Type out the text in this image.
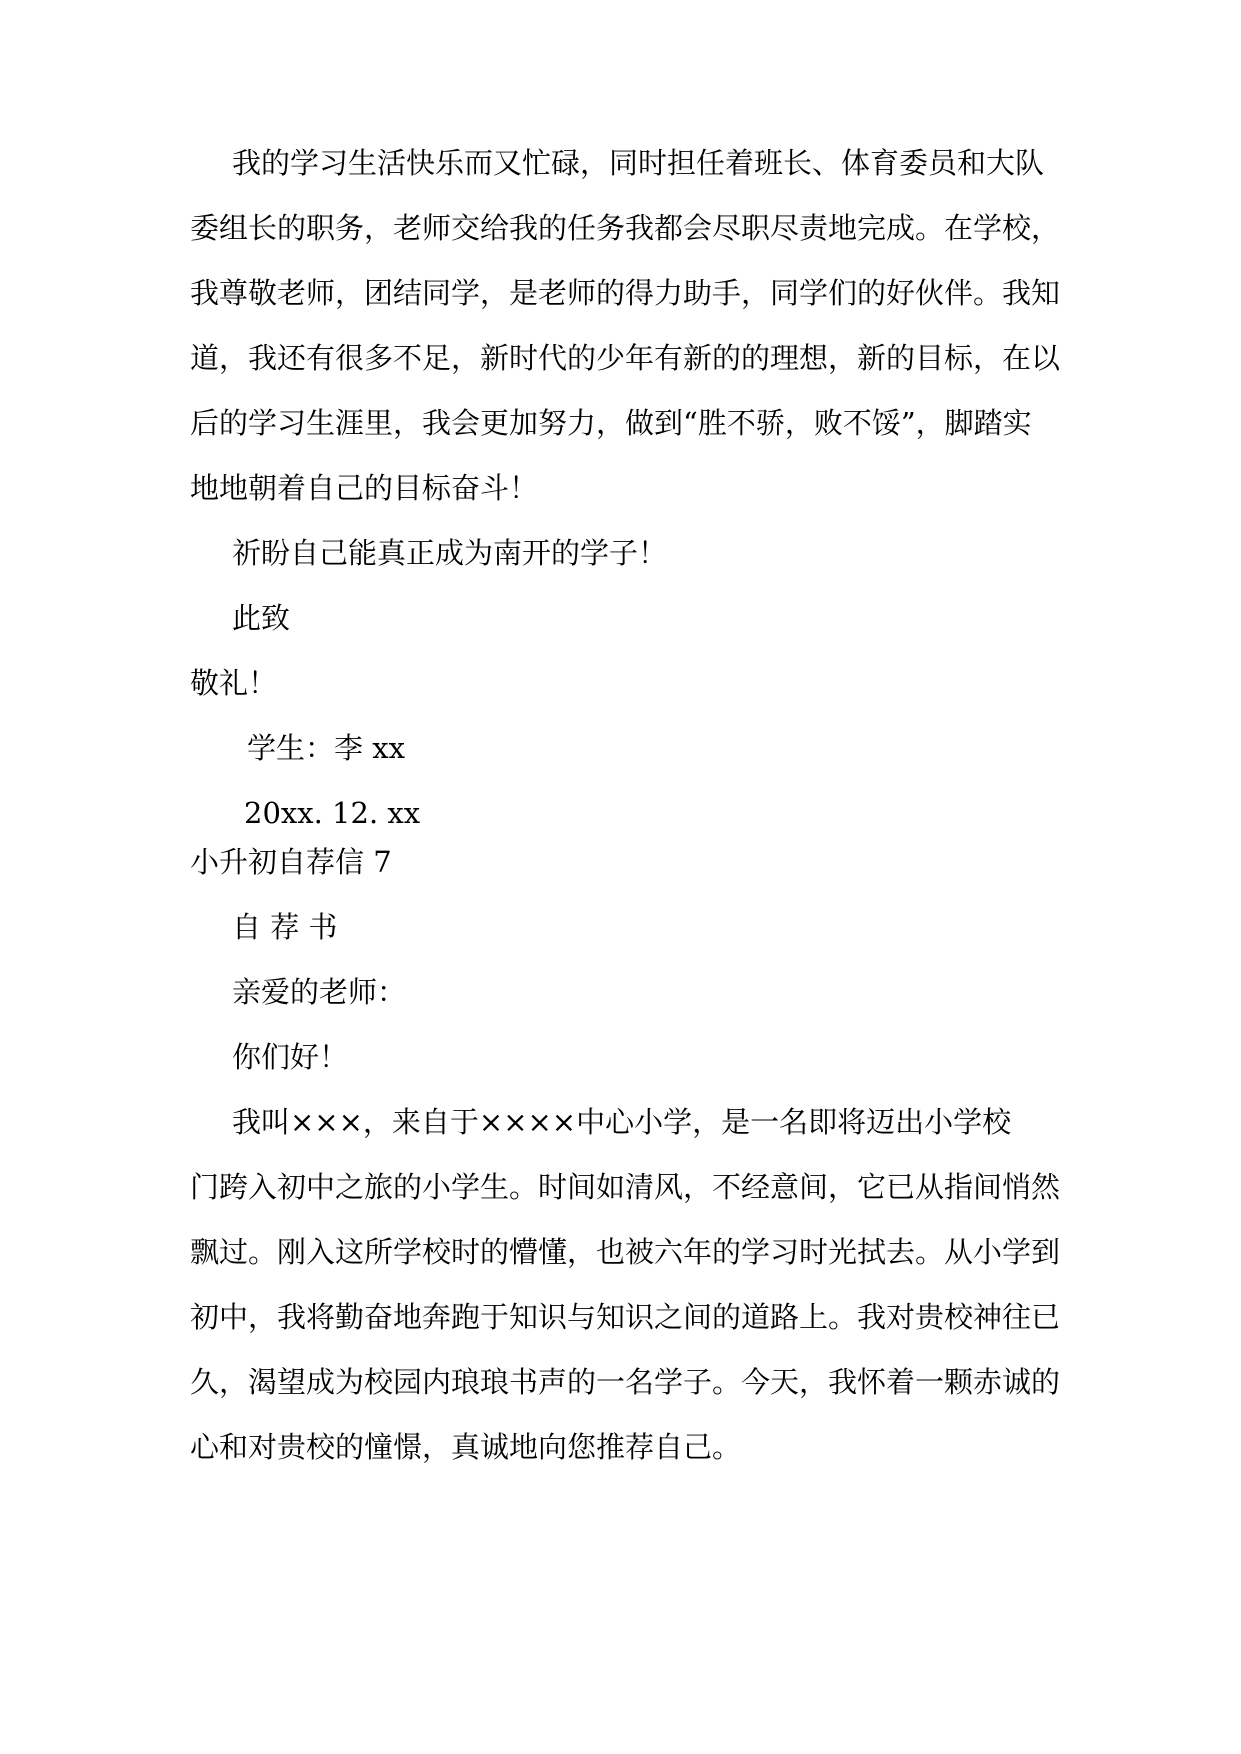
我的学习生活快乐而又忙碌，同时担任着班长、体育委员和大队
委组长的职务，老师交给我的任务我都会尽职尽责地完成。在学校，
我尊敬老师，团结同学，是老师的得力助手，同学们的好伙伴。我知
道，我还有很多不足，新时代的少年有新的的理想，新的目标，在以
后的学习生涯里，我会更加努力，做到“胜不骄，败不馁”，脚踏实
地地朝着自己的目标奋斗！
祈盼自己能真正成为南开的学子！
此致
敬礼！
学生：李 xx
20xx. 12. xx
小升初自荐信 7
自 荐 书
亲爱的老师：
你们好！
我叫×××，来自于××××中心小学，是一名即将迈出小学校
门跨入初中之旅的小学生。时间如清风，不经意间，它已从指间悄然
飘过。刚入这所学校时的懵懂，也被六年的学习时光拭去。从小学到
初中，我将勤奋地奔跑于知识与知识之间的道路上。我对贵校神往已
久，渴望成为校园内琅琅书声的一名学子。今天，我怀着一颗赤诚的
心和对贵校的憧憬，真诚地向您推荐自己。
